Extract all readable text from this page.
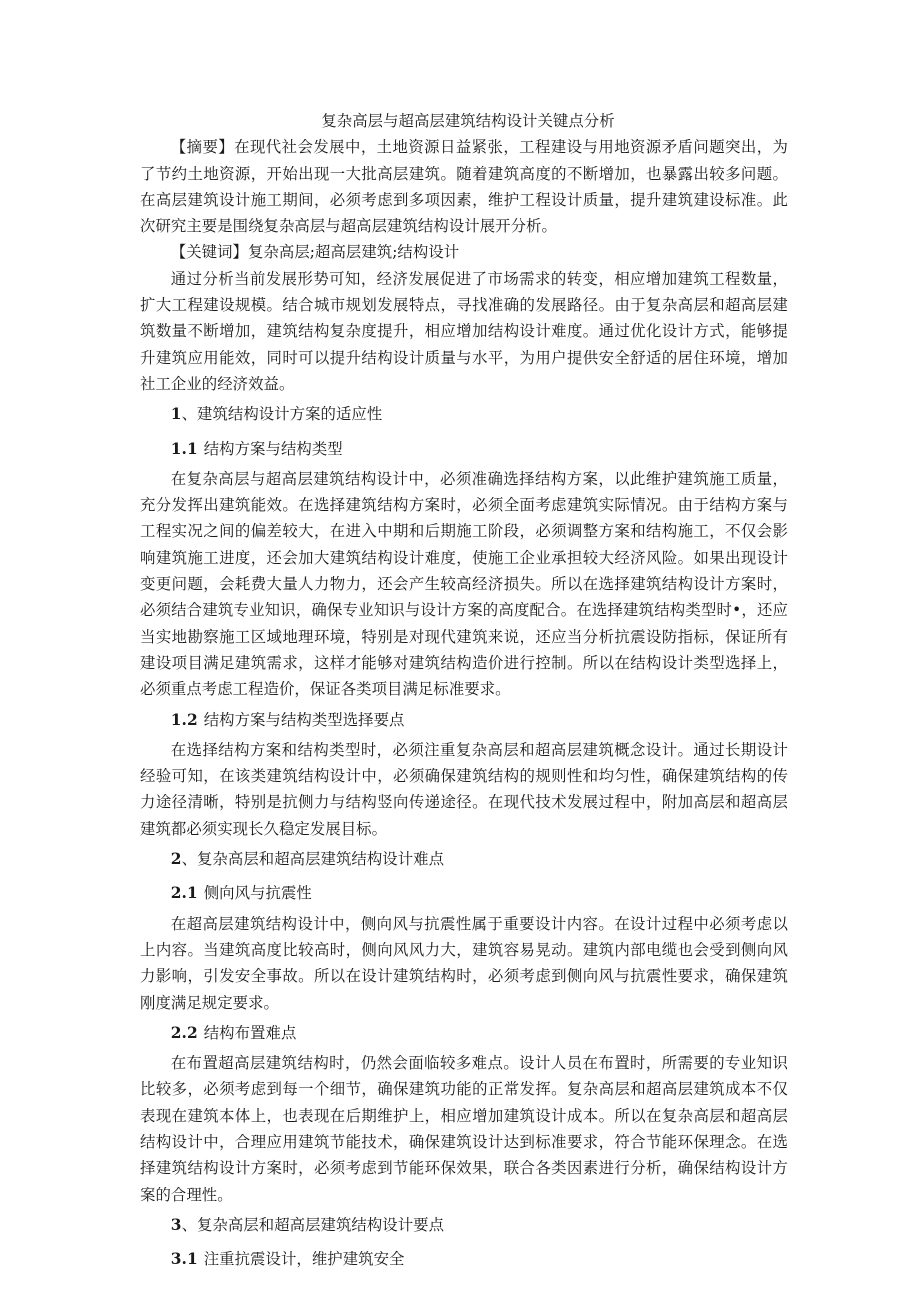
复杂高层与超高层建筑结构设计关键点分析

【摘要】在现代社会发展中，土地资源日益紧张，工程建设与用地资源矛盾问题突出，为了节约土地资源，开始出现一大批高层建筑。随着建筑高度的不断增加，也暴露出较多问题。在高层建筑设计施工期间，必须考虑到多项因素，维护工程设计质量，提升建筑建设标准。此次研究主要是围绕复杂高层与超高层建筑结构设计展开分析。

【关键词】复杂高层;超高层建筑;结构设计

通过分析当前发展形势可知，经济发展促进了市场需求的转变，相应增加建筑工程数量，扩大工程建设规模。结合城市规划发展特点，寻找准确的发展路径。由于复杂高层和超高层建筑数量不断增加，建筑结构复杂度提升，相应增加结构设计难度。通过优化设计方式，能够提升建筑应用能效，同时可以提升结构设计质量与水平，为用户提供安全舒适的居住环境，增加社工企业的经济效益。

1、建筑结构设计方案的适应性
1.1 结构方案与结构类型

在复杂高层与超高层建筑结构设计中，必须准确选择结构方案，以此维护建筑施工质量，充分发挥出建筑能效。在选择建筑结构方案时，必须全面考虑建筑实际情况。由于结构方案与工程实况之间的偏差较大，在进入中期和后期施工阶段，必须调整方案和结构施工，不仅会影响建筑施工进度，还会加大建筑结构设计难度，使施工企业承担较大经济风险。如果出现设计变更问题，会耗费大量人力物力，还会产生较高经济损失。所以在选择建筑结构设计方案时，必须结合建筑专业知识，确保专业知识与设计方案的高度配合。在选择建筑结构类型时•，还应当实地勘察施工区域地理环境，特别是对现代建筑来说，还应当分析抗震设防指标，保证所有建设项目满足建筑需求，这样才能够对建筑结构造价进行控制。所以在结构设计类型选择上，必须重点考虑工程造价，保证各类项目满足标准要求。

1.2 结构方案与结构类型选择要点

在选择结构方案和结构类型时，必须注重复杂高层和超高层建筑概念设计。通过长期设计经验可知，在该类建筑结构设计中，必须确保建筑结构的规则性和均匀性，确保建筑结构的传力途径清晰，特别是抗侧力与结构竖向传递途径。在现代技术发展过程中，附加高层和超高层建筑都必须实现长久稳定发展目标。

2、复杂高层和超高层建筑结构设计难点
2.1 侧向风与抗震性

在超高层建筑结构设计中，侧向风与抗震性属于重要设计内容。在设计过程中必须考虑以上内容。当建筑高度比较高时，侧向风风力大，建筑容易晃动。建筑内部电缆也会受到侧向风力影响，引发安全事故。所以在设计建筑结构时，必须考虑到侧向风与抗震性要求，确保建筑刚度满足规定要求。

2.2 结构布置难点

在布置超高层建筑结构时，仍然会面临较多难点。设计人员在布置时，所需要的专业知识比较多，必须考虑到每一个细节，确保建筑功能的正常发挥。复杂高层和超高层建筑成本不仅表现在建筑本体上，也表现在后期维护上，相应增加建筑设计成本。所以在复杂高层和超高层结构设计中，合理应用建筑节能技术，确保建筑设计达到标准要求，符合节能环保理念。在选择建筑结构设计方案时，必须考虑到节能环保效果，联合各类因素进行分析，确保结构设计方案的合理性。

3、复杂高层和超高层建筑结构设计要点
3.1 注重抗震设计，维护建筑安全
